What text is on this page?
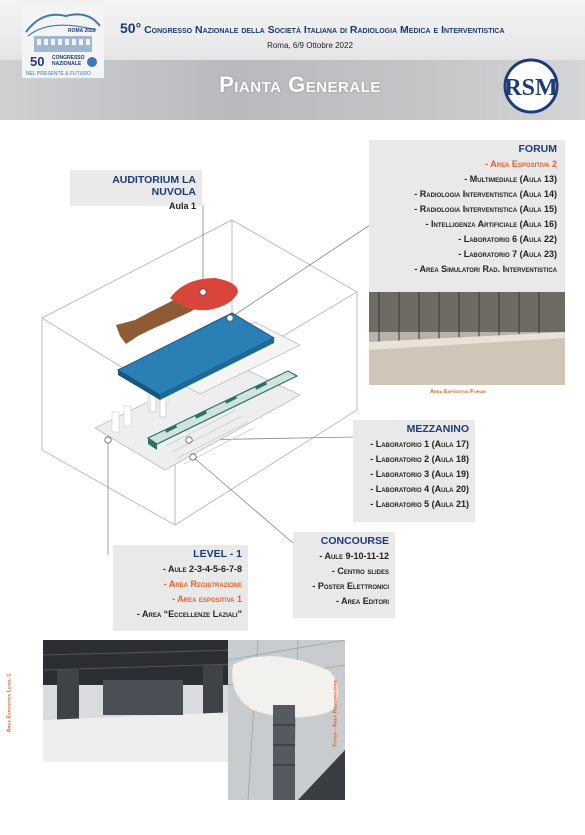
50 CONGRESSO
NAZIONALE
ROMA 2022
NEL PRESENTE & FUTURO
50° Congresso Nazionale della Società Italiana di Radiologia Medica e Interventistica
Roma, 6/9 Ottobre 2022
Pianta Generale	RSM
AUDITORIUM LA NUVOLA
Aula 1
FORUM
- Area Espositiva 2
- Multimediale (Aula 13)
- Radiologia Interventistica (Aula 14)
- Radiologia Interventistica (Aula 15)
- Intelligenza Artificiale (Aula 16)
- Laboratorio 6 (Aula 22)
- Laboratorio 7 (Aula 23)
- Area Simulatori Rad. Interventistica
Area Espositiva Forum
MEZZANINO
- Laboratorio 1 (Aula 17)
- Laboratorio 2 (Aula 18)
- Laboratorio 3 (Aula 19)
- Laboratorio 4 (Aula 20)
- Laboratorio 5 (Aula 21)
CONCOURSE
- Aule 9-10-11-12
- Centro slides
- Poster Elettronici
- Area Editori
LEVEL - 1
- Aule 2-3-4-5-6-7-8
- Area Registrazione
- Area espositiva 1
- Area “Eccellenze Laziali”
Area Espositiva Level-1	Foyer - Area Registrazione
